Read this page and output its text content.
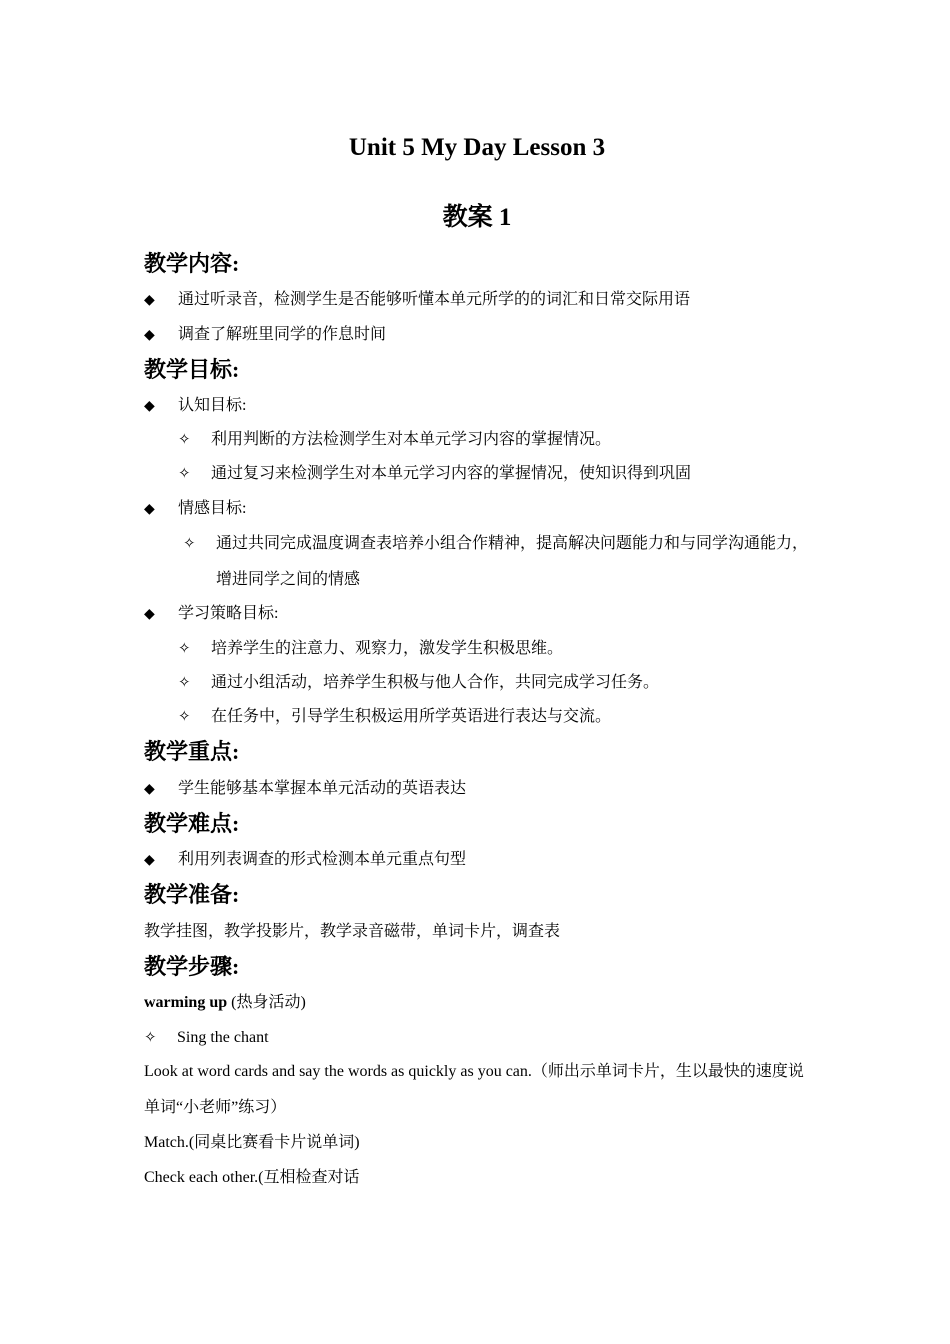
Unit 5 My Day Lesson 3
教案 1
教学内容:
◆ 通过听录音，检测学生是否能够听懂本单元所学的的词汇和日常交际用语
◆ 调查了解班里同学的作息时间
教学目标:
◆ 认知目标:
✧ 利用判断的方法检测学生对本单元学习内容的掌握情况。
✧ 通过复习来检测学生对本单元学习内容的掌握情况，使知识得到巩固
◆ 情感目标:
✧	通过共同完成温度调查表培养小组合作精神，提高解决问题能力和与同学沟通能力，增进同学之间的情感
◆ 学习策略目标:
✧ 培养学生的注意力、观察力，激发学生积极思维。
✧ 通过小组活动，培养学生积极与他人合作，共同完成学习任务。
✧ 在任务中，引导学生积极运用所学英语进行表达与交流。
教学重点:
◆ 学生能够基本掌握本单元活动的英语表达
教学难点:
◆ 利用列表调查的形式检测本单元重点句型
教学准备:
教学挂图，教学投影片，教学录音磁带，单词卡片，调查表
教学步骤:
warming up (热身活动)
✧ Sing the chant
Look at word cards and say the words as quickly as you can.（师出示单词卡片，生以最快的速度说单词“小老师”练习）
Match.(同桌比赛看卡片说单词)
Check each other.(互相检查对话
